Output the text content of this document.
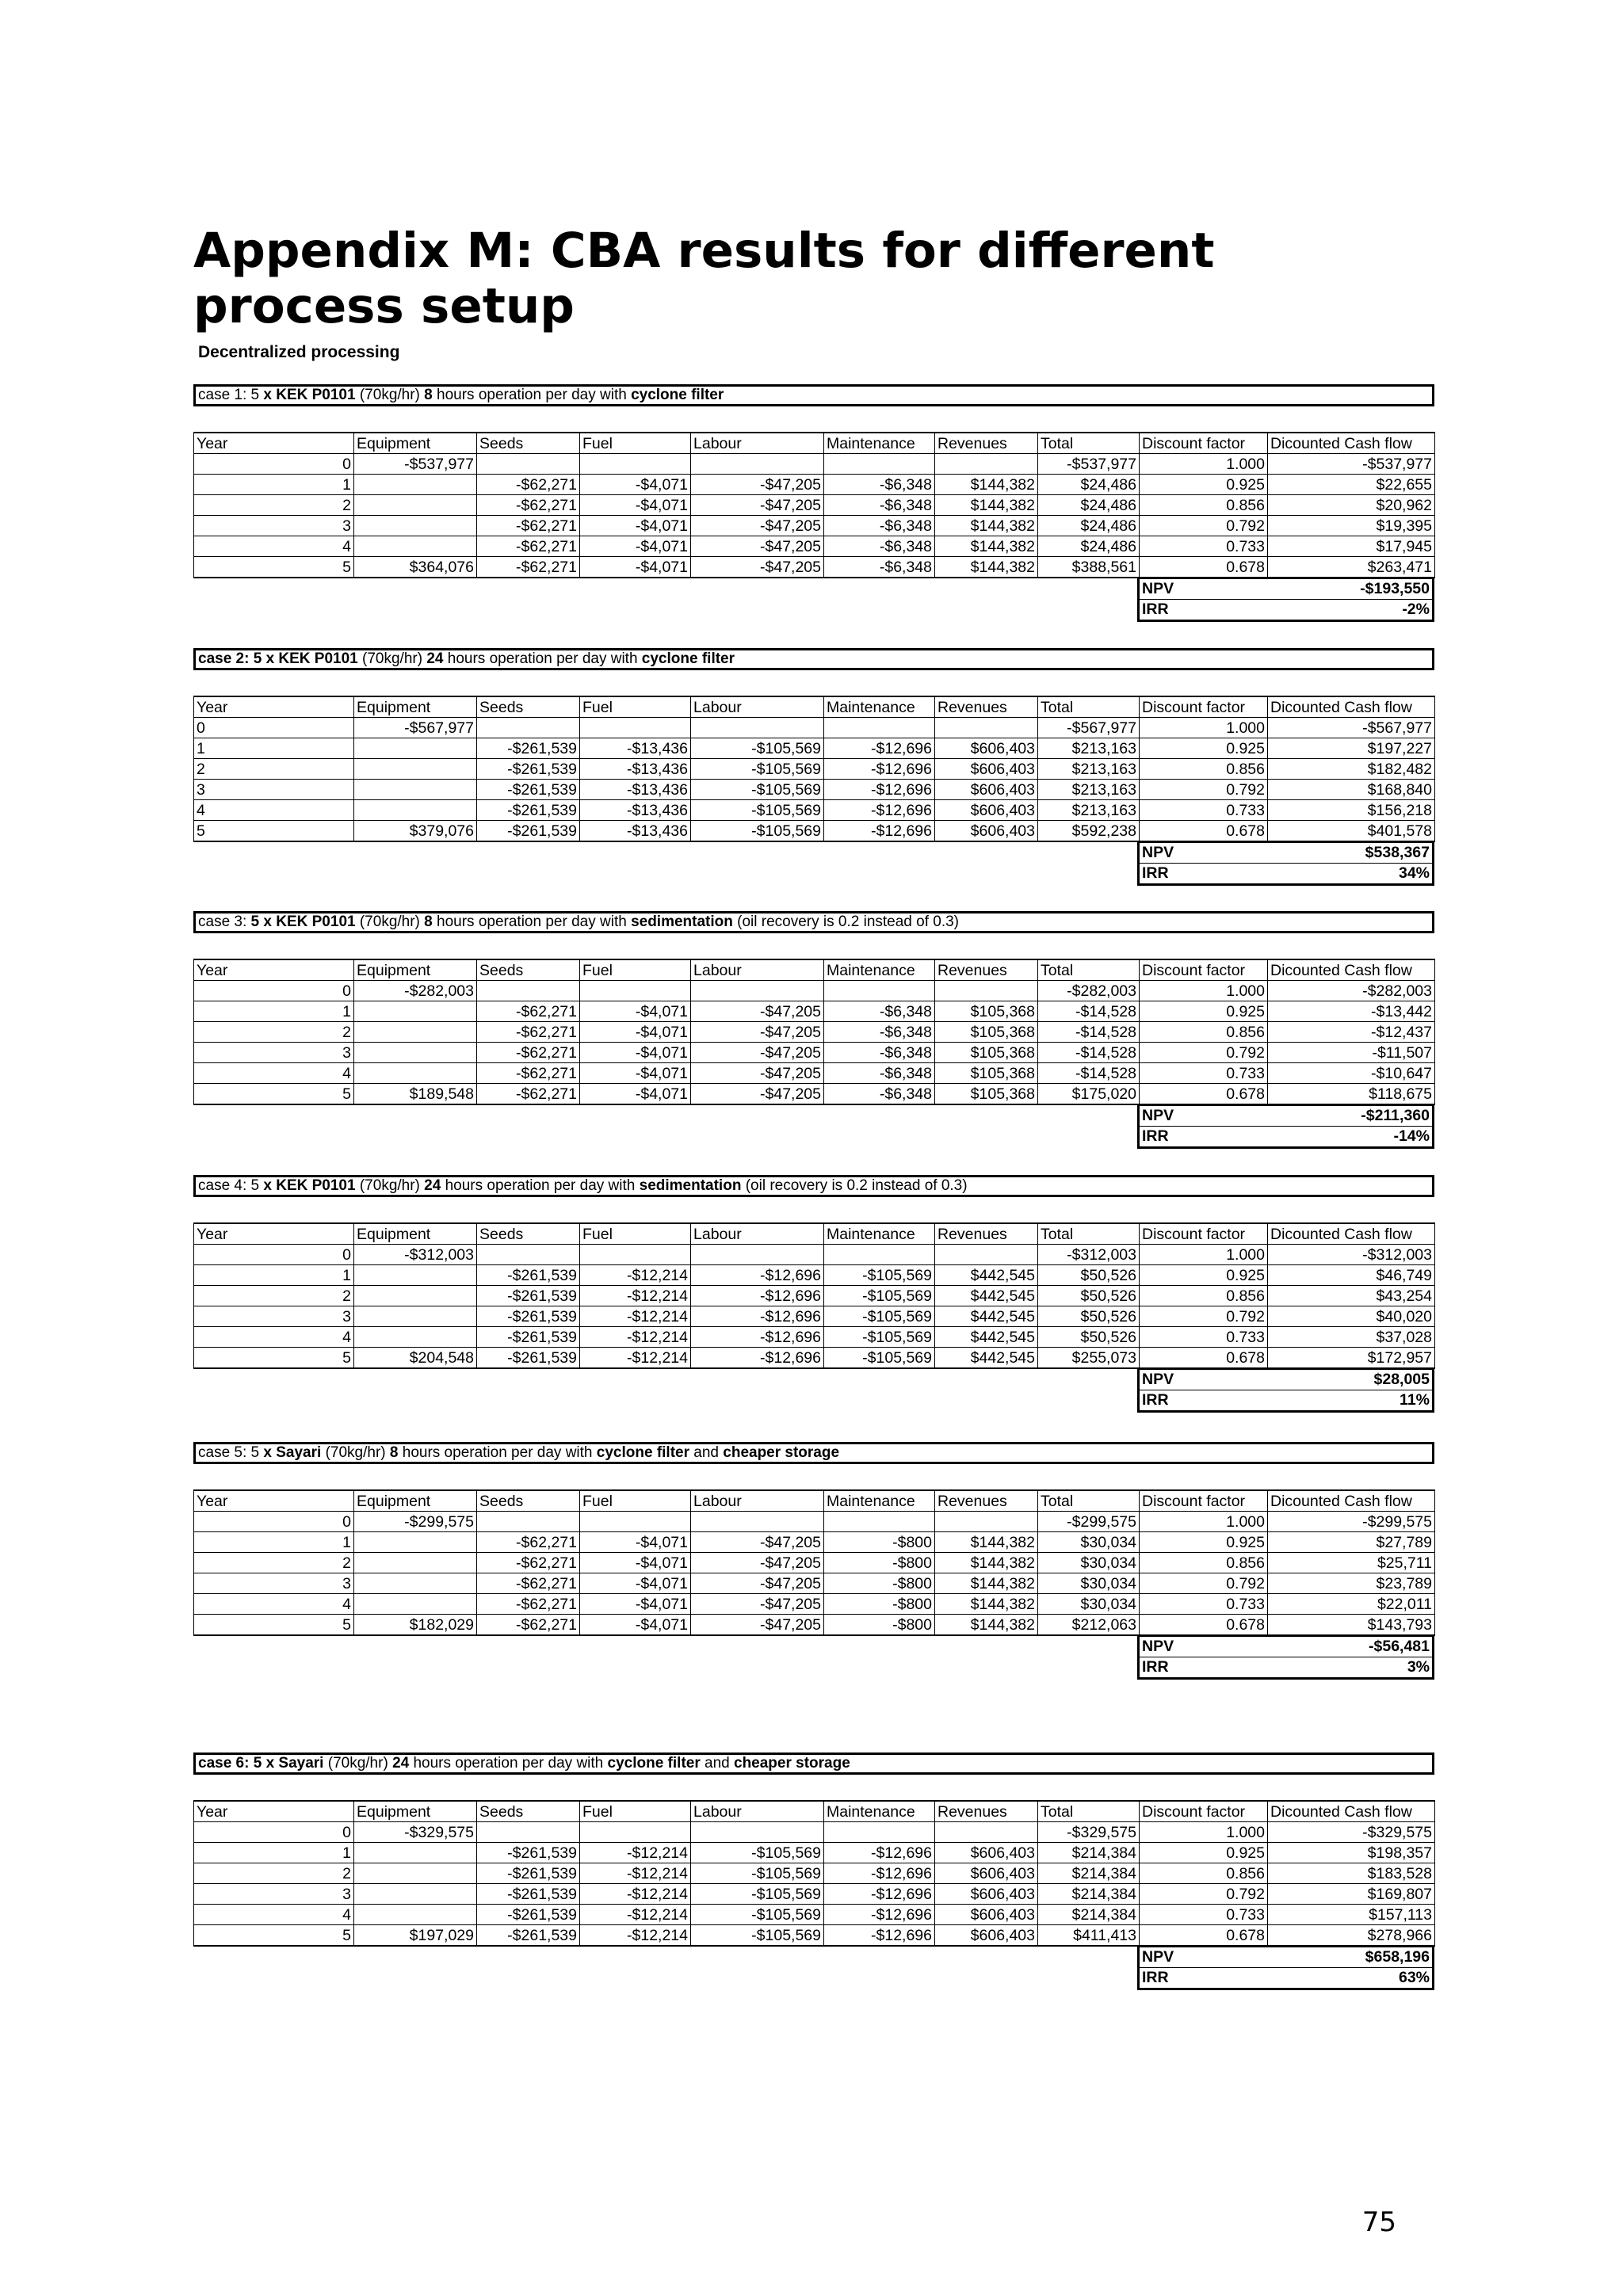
Appendix M: CBA results for different process setup
Decentralized processing
case 1: 5 x KEK P0101 (70kg/hr) 8 hours operation per day with cyclone filter
Year	Equipment	Seeds	Fuel	Labour	Maintenance	Revenues	Total	Discount factor	Dicounted Cash flow
0	-$537,977						-$537,977	1.000	-$537,977
1		-$62,271	-$4,071	-$47,205	-$6,348	$144,382	$24,486	0.925	$22,655
2		-$62,271	-$4,071	-$47,205	-$6,348	$144,382	$24,486	0.856	$20,962
3		-$62,271	-$4,071	-$47,205	-$6,348	$144,382	$24,486	0.792	$19,395
4		-$62,271	-$4,071	-$47,205	-$6,348	$144,382	$24,486	0.733	$17,945
5	$364,076	-$62,271	-$4,071	-$47,205	-$6,348	$144,382	$388,561	0.678	$263,471
NPV	-$193,550
IRR	-2%
case 2: 5 x KEK P0101 (70kg/hr) 24 hours operation per day with cyclone filter
Year	Equipment	Seeds	Fuel	Labour	Maintenance	Revenues	Total	Discount factor	Dicounted Cash flow
0	-$567,977						-$567,977	1.000	-$567,977
1		-$261,539	-$13,436	-$105,569	-$12,696	$606,403	$213,163	0.925	$197,227
2		-$261,539	-$13,436	-$105,569	-$12,696	$606,403	$213,163	0.856	$182,482
3		-$261,539	-$13,436	-$105,569	-$12,696	$606,403	$213,163	0.792	$168,840
4		-$261,539	-$13,436	-$105,569	-$12,696	$606,403	$213,163	0.733	$156,218
5	$379,076	-$261,539	-$13,436	-$105,569	-$12,696	$606,403	$592,238	0.678	$401,578
NPV	$538,367
IRR	34%
case 3: 5 x KEK P0101 (70kg/hr) 8 hours operation per day with sedimentation (oil recovery is 0.2 instead of 0.3)
Year	Equipment	Seeds	Fuel	Labour	Maintenance	Revenues	Total	Discount factor	Dicounted Cash flow
0	-$282,003						-$282,003	1.000	-$282,003
1		-$62,271	-$4,071	-$47,205	-$6,348	$105,368	-$14,528	0.925	-$13,442
2		-$62,271	-$4,071	-$47,205	-$6,348	$105,368	-$14,528	0.856	-$12,437
3		-$62,271	-$4,071	-$47,205	-$6,348	$105,368	-$14,528	0.792	-$11,507
4		-$62,271	-$4,071	-$47,205	-$6,348	$105,368	-$14,528	0.733	-$10,647
5	$189,548	-$62,271	-$4,071	-$47,205	-$6,348	$105,368	$175,020	0.678	$118,675
NPV	-$211,360
IRR	-14%
case 4: 5 x KEK P0101 (70kg/hr) 24 hours operation per day with sedimentation (oil recovery is 0.2 instead of 0.3)
Year	Equipment	Seeds	Fuel	Labour	Maintenance	Revenues	Total	Discount factor	Dicounted Cash flow
0	-$312,003						-$312,003	1.000	-$312,003
1		-$261,539	-$12,214	-$12,696	-$105,569	$442,545	$50,526	0.925	$46,749
2		-$261,539	-$12,214	-$12,696	-$105,569	$442,545	$50,526	0.856	$43,254
3		-$261,539	-$12,214	-$12,696	-$105,569	$442,545	$50,526	0.792	$40,020
4		-$261,539	-$12,214	-$12,696	-$105,569	$442,545	$50,526	0.733	$37,028
5	$204,548	-$261,539	-$12,214	-$12,696	-$105,569	$442,545	$255,073	0.678	$172,957
NPV	$28,005
IRR	11%
case 5: 5 x Sayari (70kg/hr) 8 hours operation per day with cyclone filter and cheaper storage
Year	Equipment	Seeds	Fuel	Labour	Maintenance	Revenues	Total	Discount factor	Dicounted Cash flow
0	-$299,575						-$299,575	1.000	-$299,575
1		-$62,271	-$4,071	-$47,205	-$800	$144,382	$30,034	0.925	$27,789
2		-$62,271	-$4,071	-$47,205	-$800	$144,382	$30,034	0.856	$25,711
3		-$62,271	-$4,071	-$47,205	-$800	$144,382	$30,034	0.792	$23,789
4		-$62,271	-$4,071	-$47,205	-$800	$144,382	$30,034	0.733	$22,011
5	$182,029	-$62,271	-$4,071	-$47,205	-$800	$144,382	$212,063	0.678	$143,793
NPV	-$56,481
IRR	3%
case 6: 5 x Sayari (70kg/hr) 24 hours operation per day with cyclone filter and cheaper storage
Year	Equipment	Seeds	Fuel	Labour	Maintenance	Revenues	Total	Discount factor	Dicounted Cash flow
0	-$329,575						-$329,575	1.000	-$329,575
1		-$261,539	-$12,214	-$105,569	-$12,696	$606,403	$214,384	0.925	$198,357
2		-$261,539	-$12,214	-$105,569	-$12,696	$606,403	$214,384	0.856	$183,528
3		-$261,539	-$12,214	-$105,569	-$12,696	$606,403	$214,384	0.792	$169,807
4		-$261,539	-$12,214	-$105,569	-$12,696	$606,403	$214,384	0.733	$157,113
5	$197,029	-$261,539	-$12,214	-$105,569	-$12,696	$606,403	$411,413	0.678	$278,966
NPV	$658,196
IRR	63%
75
